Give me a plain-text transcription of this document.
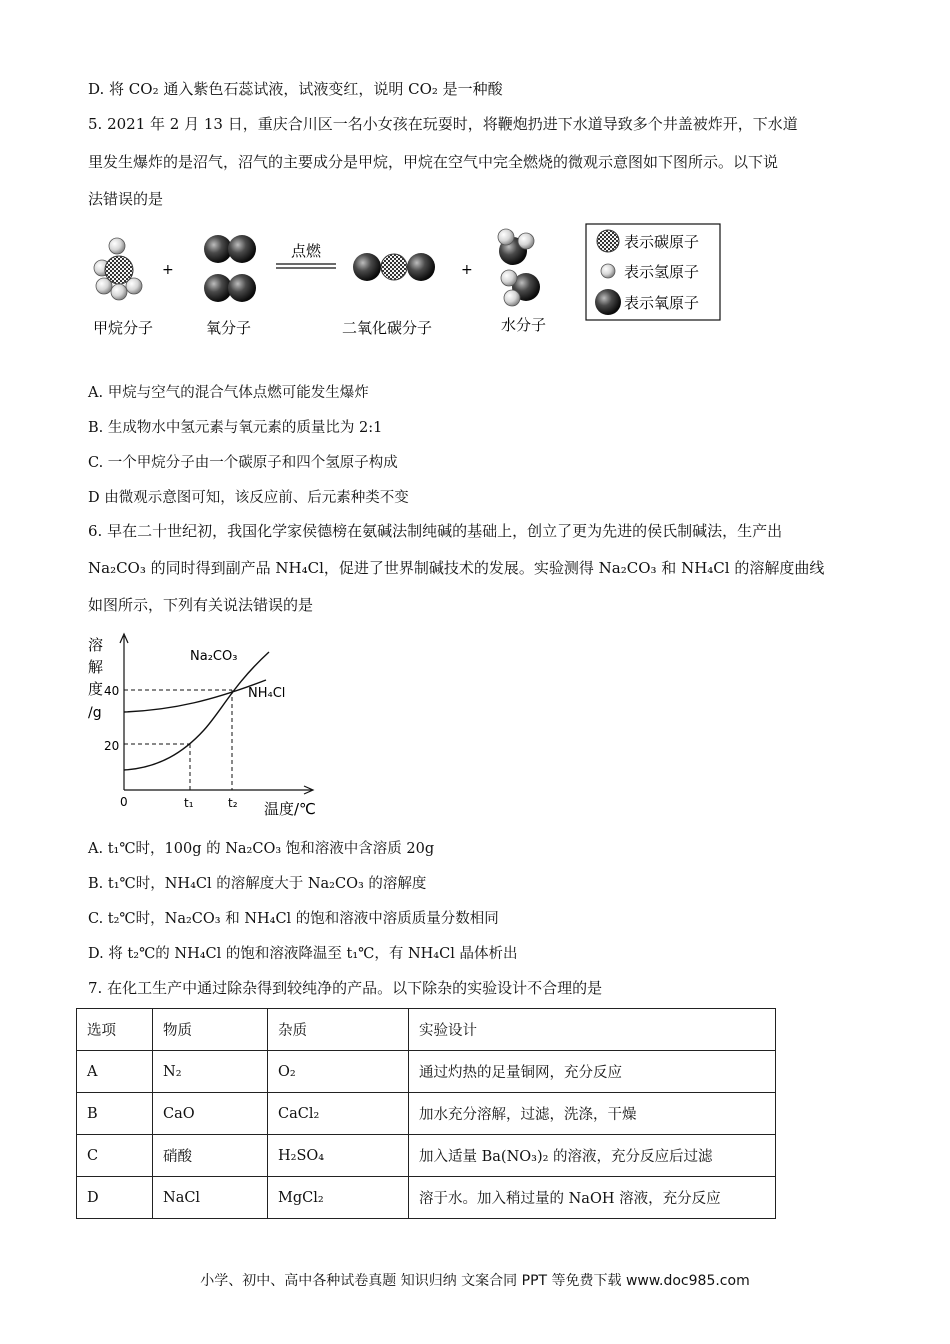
D. 将 CO₂ 通入紫色石蕊试液，试液变红，说明 CO₂ 是一种酸
5. 2021 年 2 月 13 日，重庆合川区一名小女孩在玩耍时，将鞭炮扔进下水道导致多个井盖被炸开，下水道
里发生爆炸的是沼气，沼气的主要成分是甲烷，甲烷在空气中完全燃烧的微观示意图如下图所示。以下说
法错误的是
+
点燃
+
甲烷分子	氧分子	二氧化碳分子	水分子
表示碳原子
表示氢原子
表示氧原子
A. 甲烷与空气的混合气体点燃可能发生爆炸
B. 生成物水中氢元素与氧元素的质量比为 2:1
C. 一个甲烷分子由一个碳原子和四个氢原子构成
D 由微观示意图可知，该反应前、后元素种类不变
6. 早在二十世纪初，我国化学家侯德榜在氨碱法制纯碱的基础上，创立了更为先进的侯氏制碱法，生产出
Na₂CO₃ 的同时得到副产品 NH₄Cl，促进了世界制碱技术的发展。实验测得 Na₂CO₃ 和 NH₄Cl 的溶解度曲线
如图所示，下列有关说法错误的是
溶
解
度
/g
40
20
0	t₁	t₂ 温度/℃
Na₂CO₃
NH₄Cl
A. t₁℃时，100g 的 Na₂CO₃ 饱和溶液中含溶质 20g
B. t₁℃时，NH₄Cl 的溶解度大于 Na₂CO₃ 的溶解度
C. t₂℃时，Na₂CO₃ 和 NH₄Cl 的饱和溶液中溶质质量分数相同
D. 将 t₂℃的 NH₄Cl 的饱和溶液降温至 t₁℃，有 NH₄Cl 晶体析出
7. 在化工生产中通过除杂得到较纯净的产品。以下除杂的实验设计不合理的是
选项	物质	杂质	实验设计
A	N₂	O₂	通过灼热的足量铜网，充分反应
B	CaO	CaCl₂	加水充分溶解，过滤，洗涤，干燥
C	硝酸	H₂SO₄	加入适量 Ba(NO₃)₂ 的溶液，充分反应后过滤
D	NaCl	MgCl₂	溶于水。加入稍过量的 NaOH 溶液，充分反应
小学、初中、高中各种试卷真题 知识归纳 文案合同 PPT 等免费下载 www.doc985.com
